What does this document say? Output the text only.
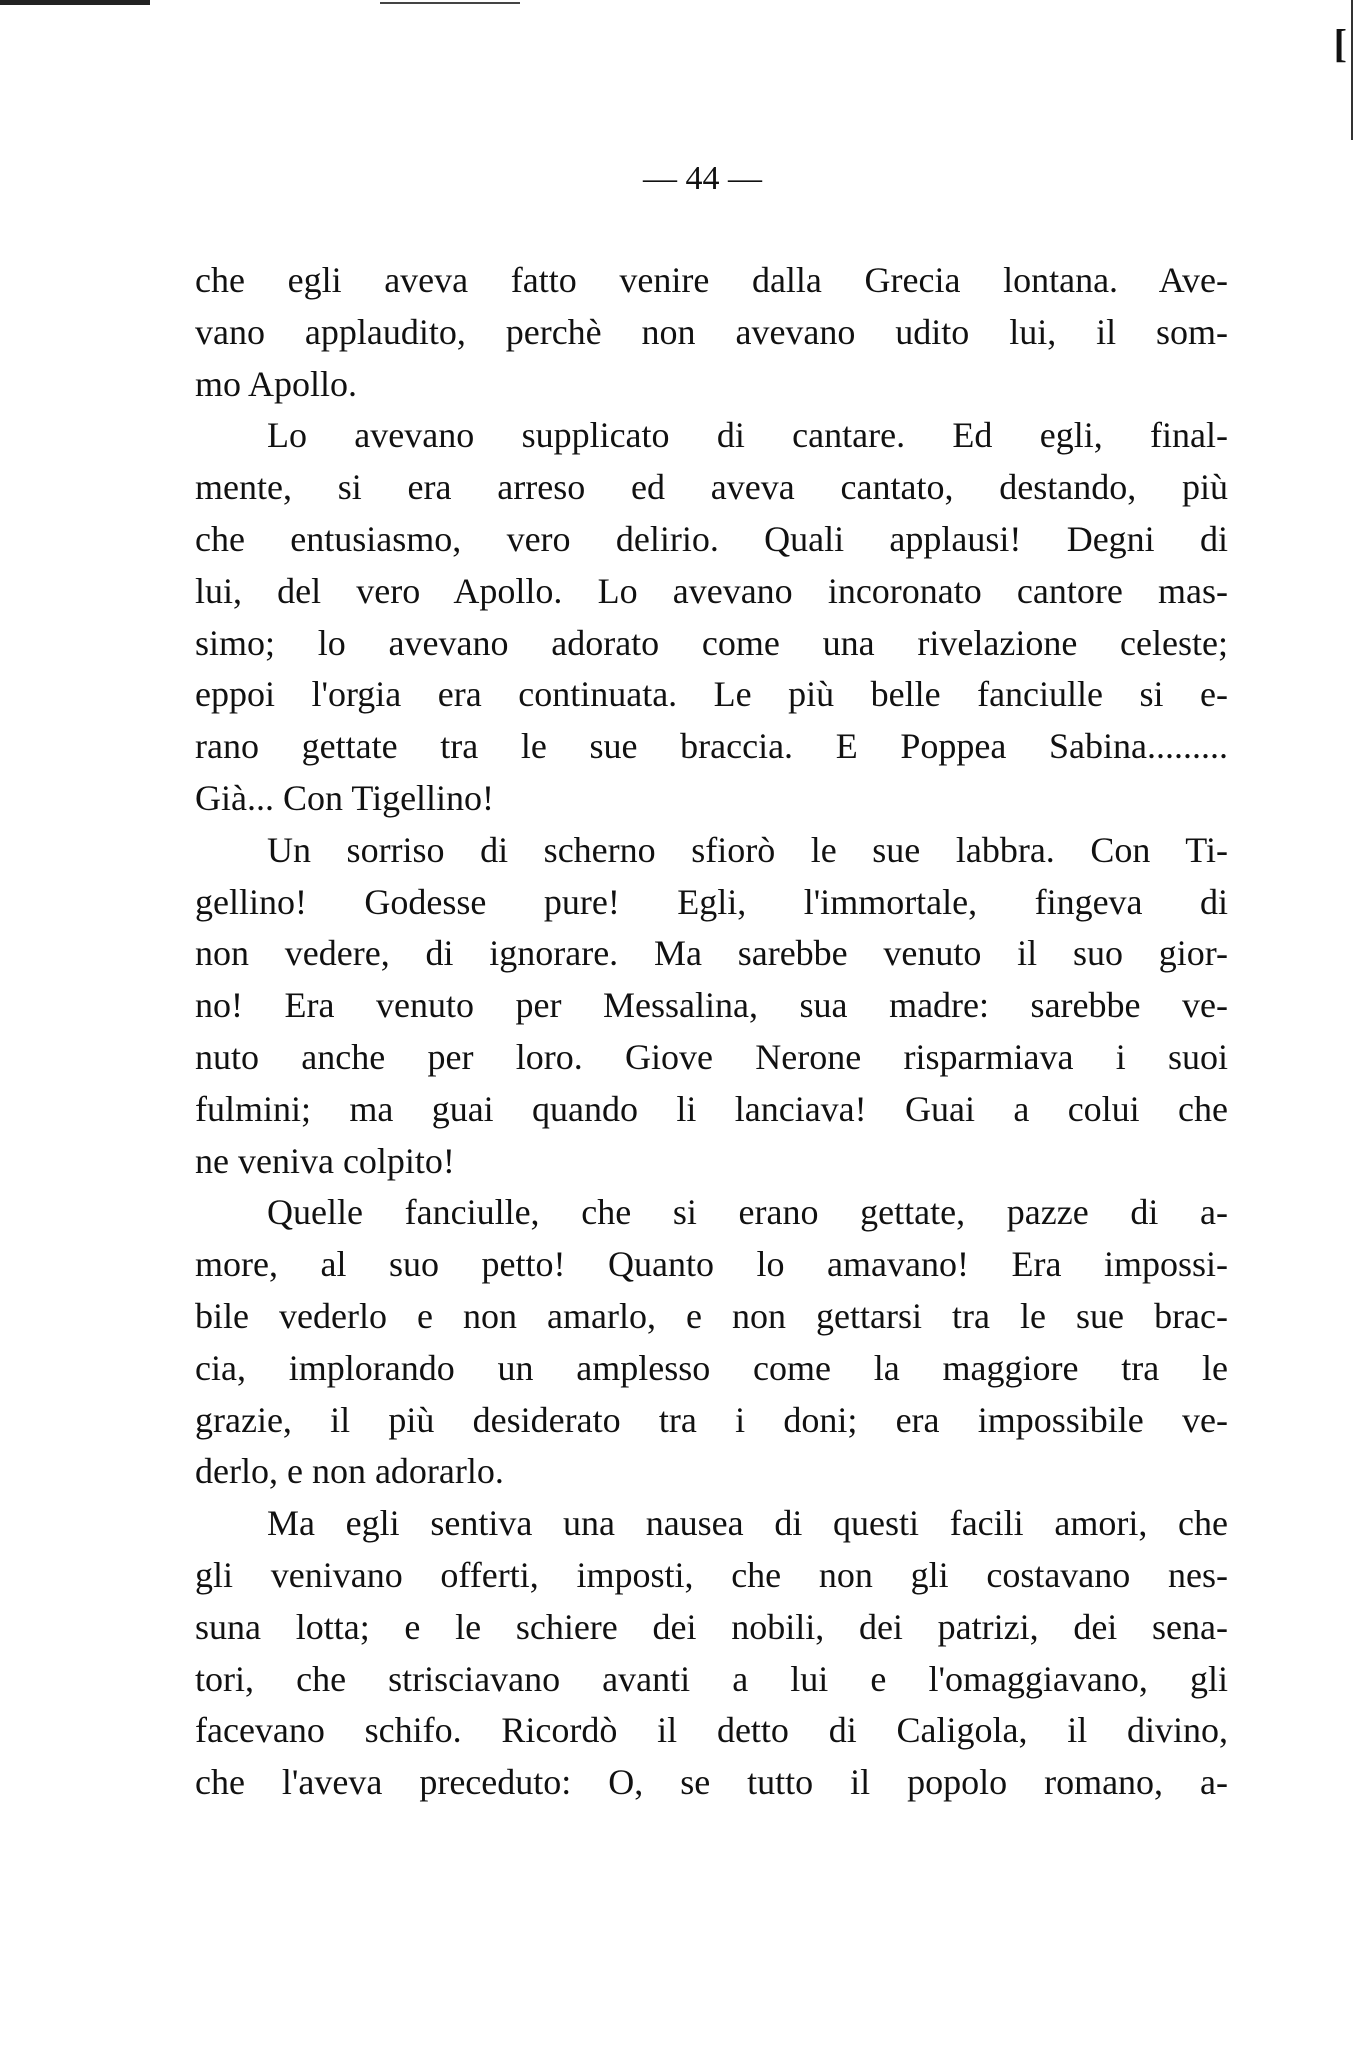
[
— 44 —
che egli aveva fatto venire dalla Grecia lontana. Ave-
vano applaudito, perchè non avevano udito lui, il som-
mo Apollo.
Lo avevano supplicato di cantare. Ed egli, final-
mente, si era arreso ed aveva cantato, destando, più
che entusiasmo, vero delirio. Quali applausi! Degni di
lui, del vero Apollo. Lo avevano incoronato cantore mas-
simo; lo avevano adorato come una rivelazione celeste;
eppoi l'orgia era continuata. Le più belle fanciulle si e-
rano gettate tra le sue braccia. E Poppea Sabina.........
Già... Con Tigellino!
Un sorriso di scherno sfiorò le sue labbra. Con Ti-
gellino! Godesse pure! Egli, l'immortale, fingeva di
non vedere, di ignorare. Ma sarebbe venuto il suo gior-
no! Era venuto per Messalina, sua madre: sarebbe ve-
nuto anche per loro. Giove Nerone risparmiava i suoi
fulmini; ma guai quando li lanciava! Guai a colui che
ne veniva colpito!
Quelle fanciulle, che si erano gettate, pazze di a-
more, al suo petto! Quanto lo amavano! Era impossi-
bile vederlo e non amarlo, e non gettarsi tra le sue brac-
cia, implorando un amplesso come la maggiore tra le
grazie, il più desiderato tra i doni; era impossibile ve-
derlo, e non adorarlo.
Ma egli sentiva una nausea di questi facili amori, che
gli venivano offerti, imposti, che non gli costavano nes-
suna lotta; e le schiere dei nobili, dei patrizi, dei sena-
tori, che strisciavano avanti a lui e l'omaggiavano, gli
facevano schifo. Ricordò il detto di Caligola, il divino,
che l'aveva preceduto: O, se tutto il popolo romano, a-
